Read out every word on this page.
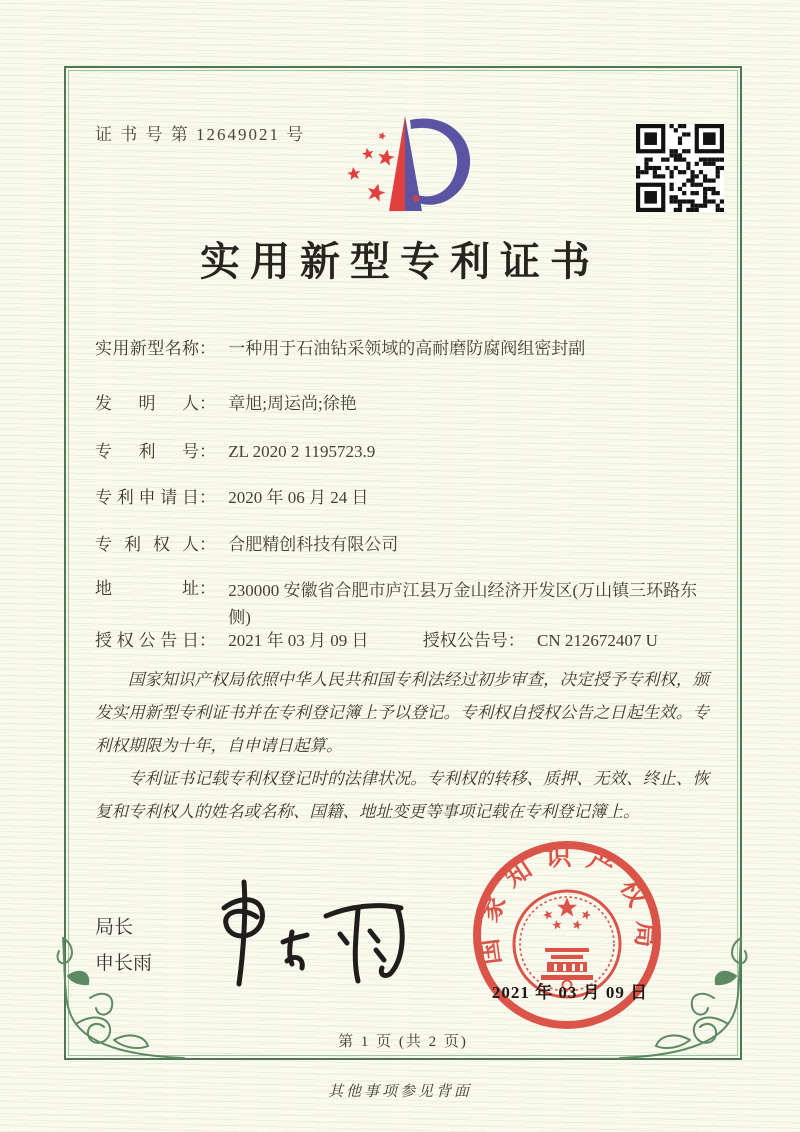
证 书 号 第 12649021 号
实用新型专利证书
实用新型名称： 一种用于石油钻采领域的高耐磨防腐阀组密封副
发明人： 章旭;周运尚;徐艳
专利号： ZL 2020 2 1195723.9
专利申请日： 2020 年 06 月 24 日
专利权人： 合肥精创科技有限公司
地址： 230000 安徽省合肥市庐江县万金山经济开发区(万山镇三环路东侧)
授权公告日： 2021 年 03 月 09 日	授权公告号： CN 212672407 U

国家知识产权局依照中华人民共和国专利法经过初步审查，决定授予专利权，颁发实用新型专利证书并在专利登记簿上予以登记。专利权自授权公告之日起生效。专利权期限为十年，自申请日起算。

专利证书记载专利权登记时的法律状况。专利权的转移、质押、无效、终止、恢复和专利权人的姓名或名称、国籍、地址变更等事项记载在专利登记簿上。

局长
申长雨	国家知识产权局
2021 年 03 月 09 日
第 1 页 (共 2 页)
其他事项参见背面
